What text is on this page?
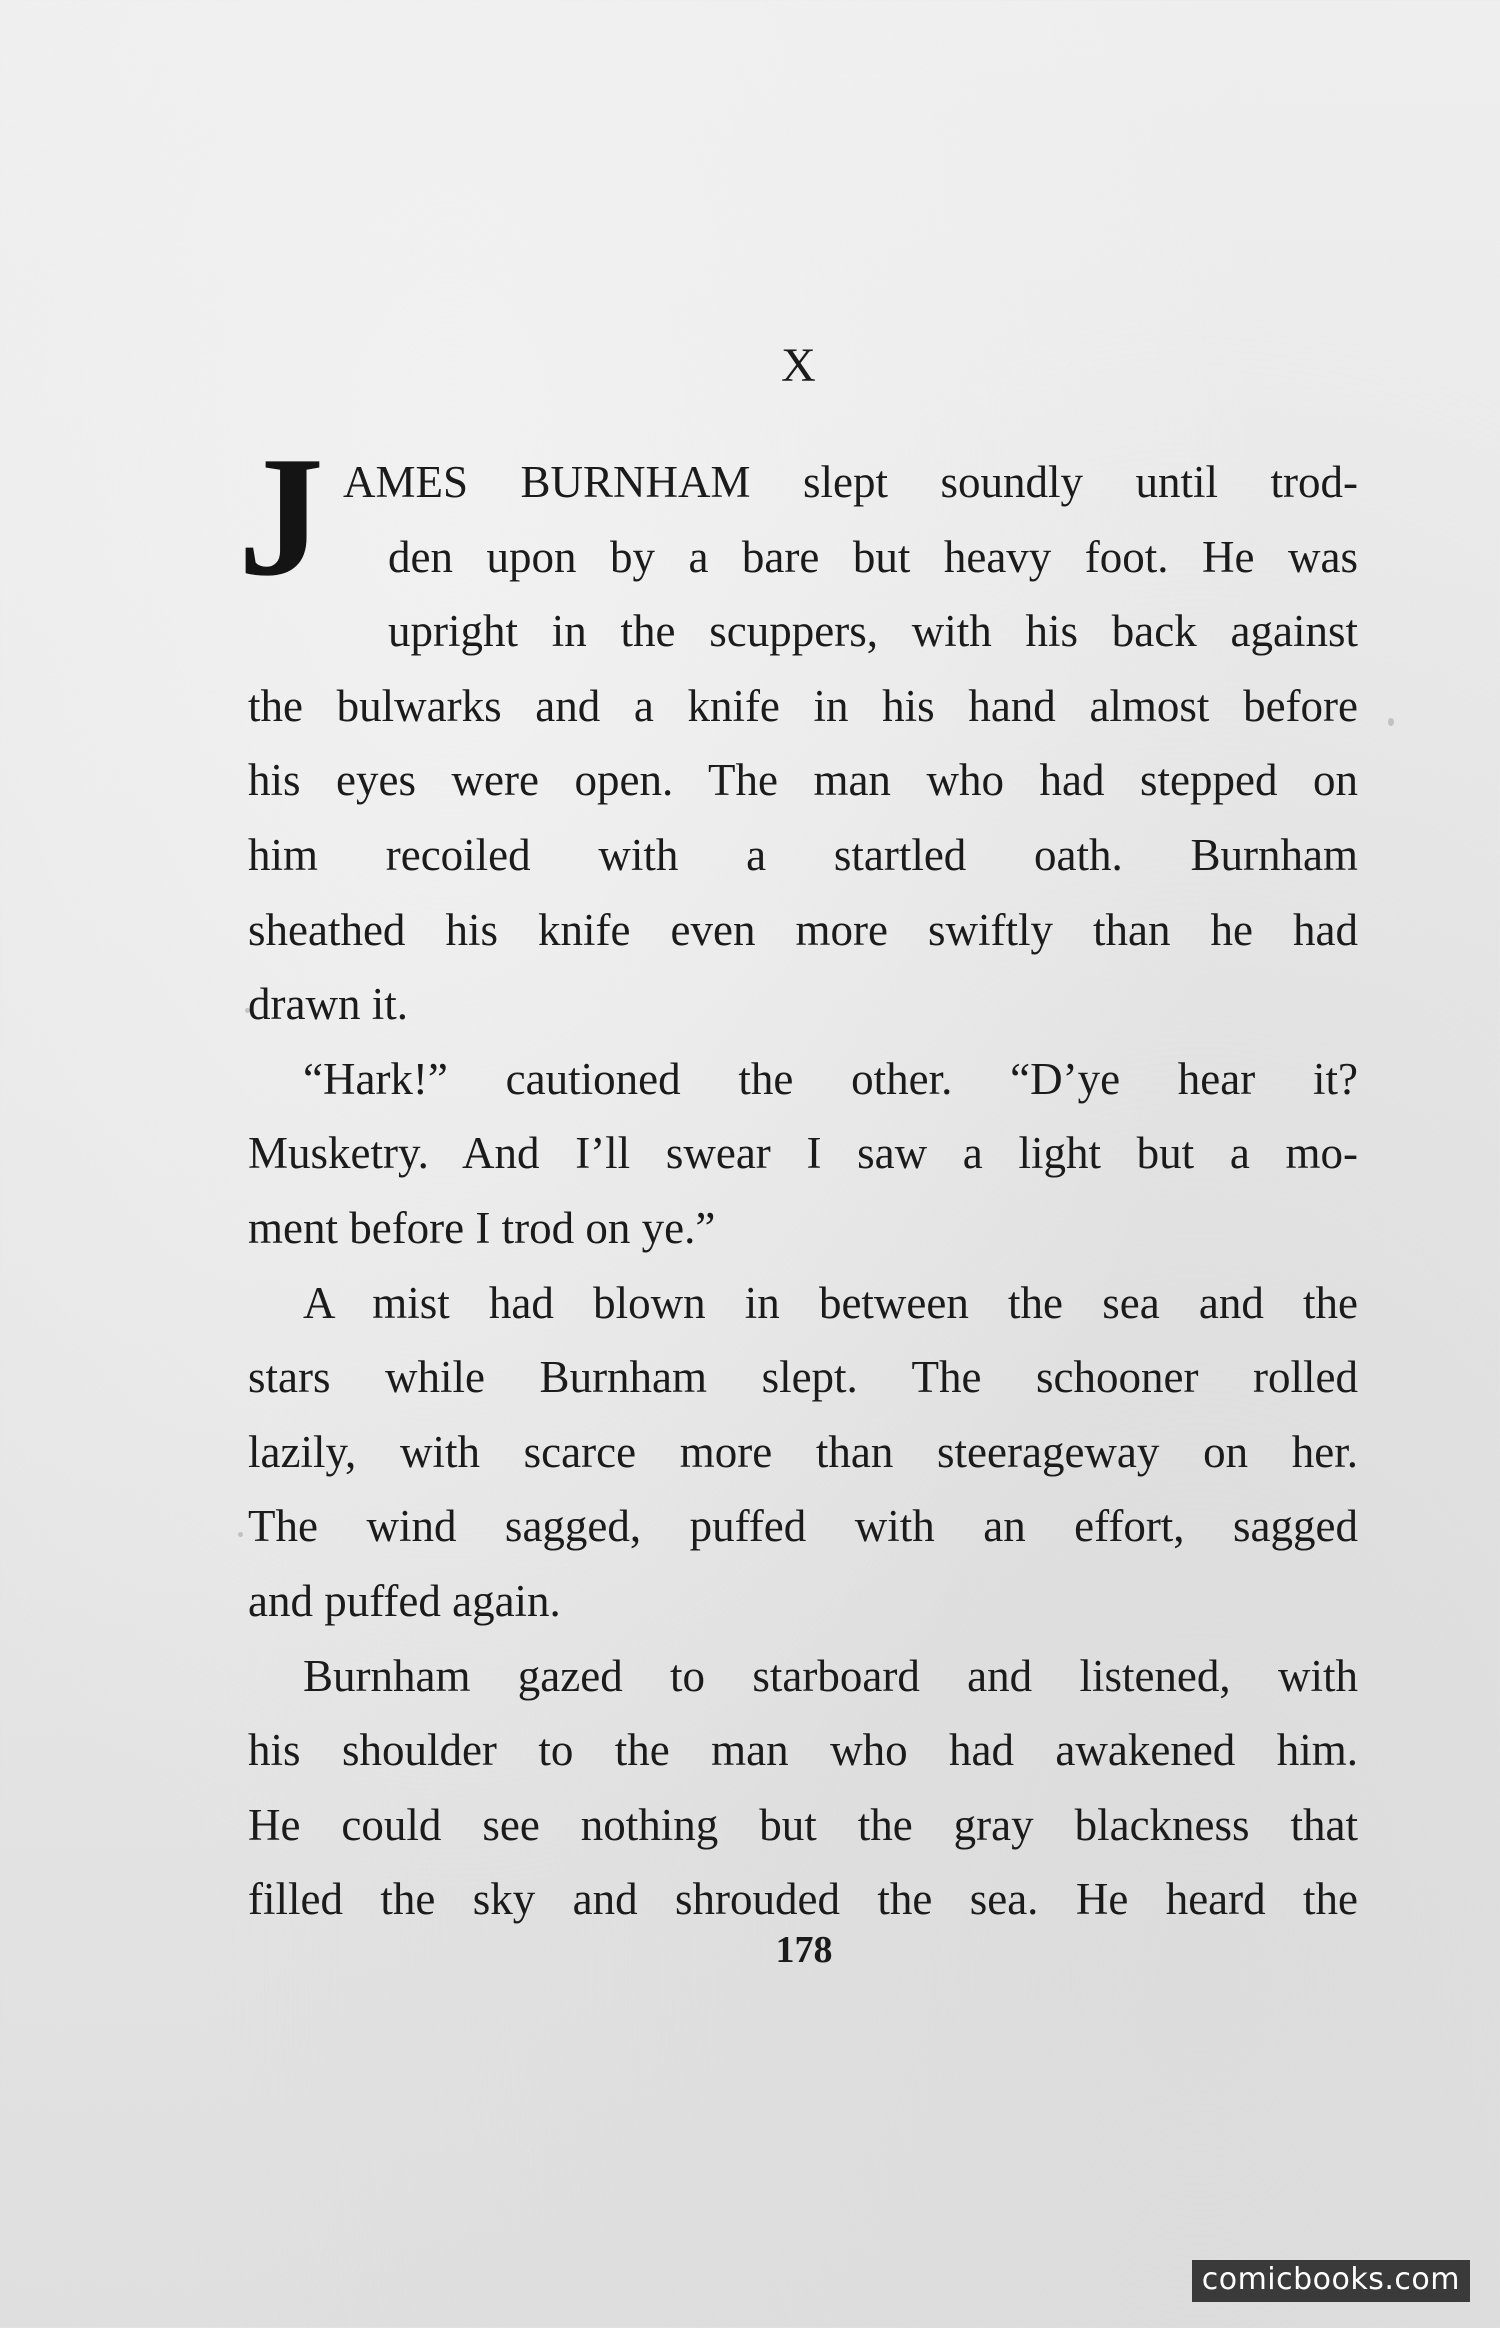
X
J AMES BURNHAM slept soundly until trod-
den upon by a bare but heavy foot. He was
upright in the scuppers, with his back against
the bulwarks and a knife in his hand almost before
his eyes were open. The man who had stepped on
him recoiled with a startled oath. Burnham
sheathed his knife even more swiftly than he had
drawn it.
“Hark!” cautioned the other. “D’ye hear it?
Musketry. And I’ll swear I saw a light but a mo-
ment before I trod on ye.”
A mist had blown in between the sea and the
stars while Burnham slept. The schooner rolled
lazily, with scarce more than steerageway on her.
The wind sagged, puffed with an effort, sagged
and puffed again.
Burnham gazed to starboard and listened, with
his shoulder to the man who had awakened him.
He could see nothing but the gray blackness that
filled the sky and shrouded the sea. He heard the
178
comicbooks.com
